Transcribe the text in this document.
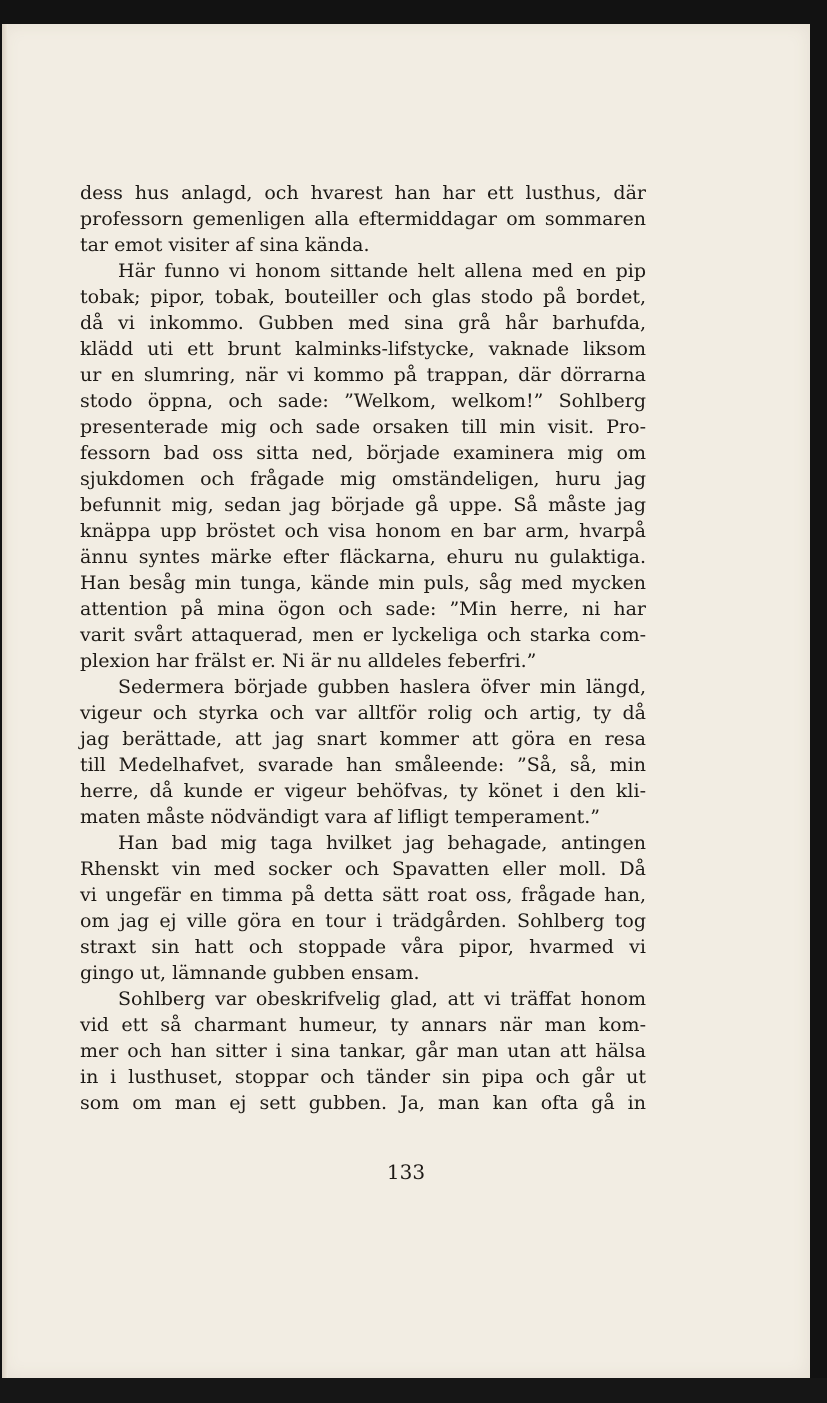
dess hus anlagd, och hvarest han har ett lusthus, där
professorn gemenligen alla eftermiddagar om sommaren
tar emot visiter af sina kända.
Här funno vi honom sittande helt allena med en pip
tobak; pipor, tobak, bouteiller och glas stodo på bordet,
då vi inkommo. Gubben med sina grå hår barhufda,
klädd uti ett brunt kalminks-lifstycke, vaknade liksom
ur en slumring, när vi kommo på trappan, där dörrarna
stodo öppna, och sade: ”Welkom, welkom!” Sohlberg
presenterade mig och sade orsaken till min visit. Pro-
fessorn bad oss sitta ned, började examinera mig om
sjukdomen och frågade mig omständeligen, huru jag
befunnit mig, sedan jag började gå uppe. Så måste jag
knäppa upp bröstet och visa honom en bar arm, hvarpå
ännu syntes märke efter fläckarna, ehuru nu gulaktiga.
Han besåg min tunga, kände min puls, såg med mycken
attention på mina ögon och sade: ”Min herre, ni har
varit svårt attaquerad, men er lyckeliga och starka com-
plexion har frälst er. Ni är nu alldeles feberfri.”
Sedermera började gubben haslera öfver min längd,
vigeur och styrka och var alltför rolig och artig, ty då
jag berättade, att jag snart kommer att göra en resa
till Medelhafvet, svarade han småleende: ”Så, så, min
herre, då kunde er vigeur behöfvas, ty könet i den kli-
maten måste nödvändigt vara af lifligt temperament.”
Han bad mig taga hvilket jag behagade, antingen
Rhenskt vin med socker och Spavatten eller moll. Då
vi ungefär en timma på detta sätt roat oss, frågade han,
om jag ej ville göra en tour i trädgården. Sohlberg tog
straxt sin hatt och stoppade våra pipor, hvarmed vi
gingo ut, lämnande gubben ensam.
Sohlberg var obeskrifvelig glad, att vi träffat honom
vid ett så charmant humeur, ty annars när man kom-
mer och han sitter i sina tankar, går man utan att hälsa
in i lusthuset, stoppar och tänder sin pipa och går ut
som om man ej sett gubben. Ja, man kan ofta gå in
133
